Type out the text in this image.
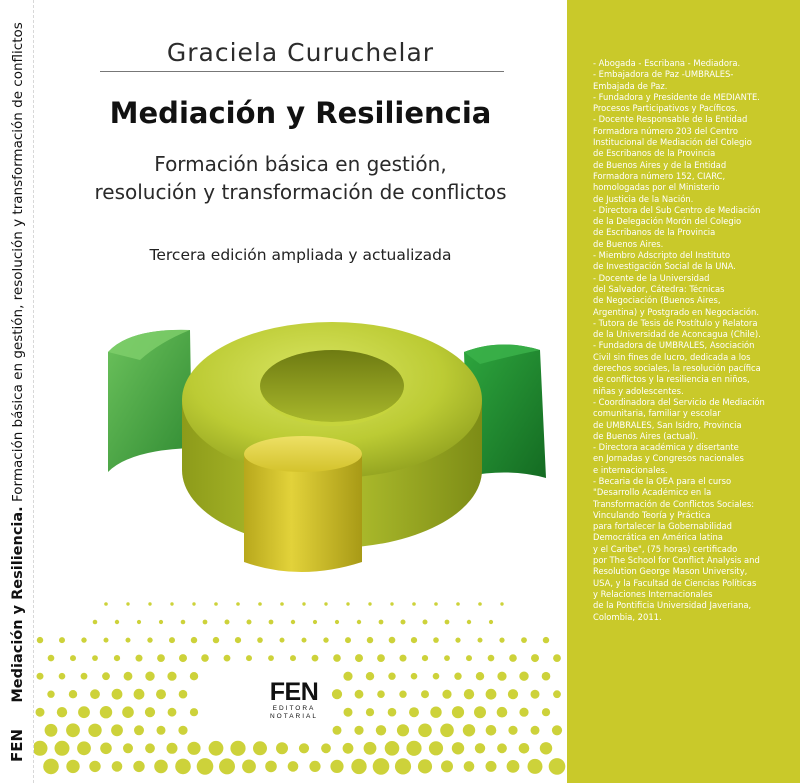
FEN Mediación y Resiliencia. Formación básica en gestión, resolución y transformación de conflictos	Graciela Curuchelar
Mediación y Resiliencia
Formación básica en gestión,
resolución y transformación de conflictos
Tercera edición ampliada y actualizada
FEN
EDITORA
NOTARIAL
- Abogada - Escribana - Mediadora.
- Embajadora de Paz -UMBRALES-
Embajada de Paz.
- Fundadora y Presidente de MEDIANTE.
Procesos Participativos y Pacíficos.
- Docente Responsable de la Entidad
Formadora número 203 del Centro
Institucional de Mediación del Colegio
de Escribanos de la Provincia
de Buenos Aires y de la Entidad
Formadora número 152, CIARC,
homologadas por el Ministerio
de Justicia de la Nación.
- Directora del Sub Centro de Mediación
de la Delegación Morón del Colegio
de Escribanos de la Provincia
de Buenos Aires.
- Miembro Adscripto del Instituto
de Investigación Social de la UNA.
- Docente de la Universidad
del Salvador, Cátedra: Técnicas
de Negociación (Buenos Aires,
Argentina) y Postgrado en Negociación.
- Tutora de Tesis de Postítulo y Relatora
de la Universidad de Aconcagua (Chile).
- Fundadora de UMBRALES, Asociación
Civil sin fines de lucro, dedicada a los
derechos sociales, la resolución pacífica
de conflictos y la resiliencia en niños,
niñas y adolescentes.
- Coordinadora del Servicio de Mediación
comunitaria, familiar y escolar
de UMBRALES, San Isidro, Provincia
de Buenos Aires (actual).
- Directora académica y disertante
en Jornadas y Congresos nacionales
e internacionales.
- Becaria de la OEA para el curso
"Desarrollo Académico en la
Transformación de Conflictos Sociales:
Vinculando Teoría y Práctica
para fortalecer la Gobernabilidad
Democrática en América latina
y el Caribe", (75 horas) certificado
por The School for Conflict Analysis and
Resolution George Mason University,
USA, y la Facultad de Ciencias Políticas
y Relaciones Internacionales
de la Pontificia Universidad Javeriana,
Colombia, 2011.
